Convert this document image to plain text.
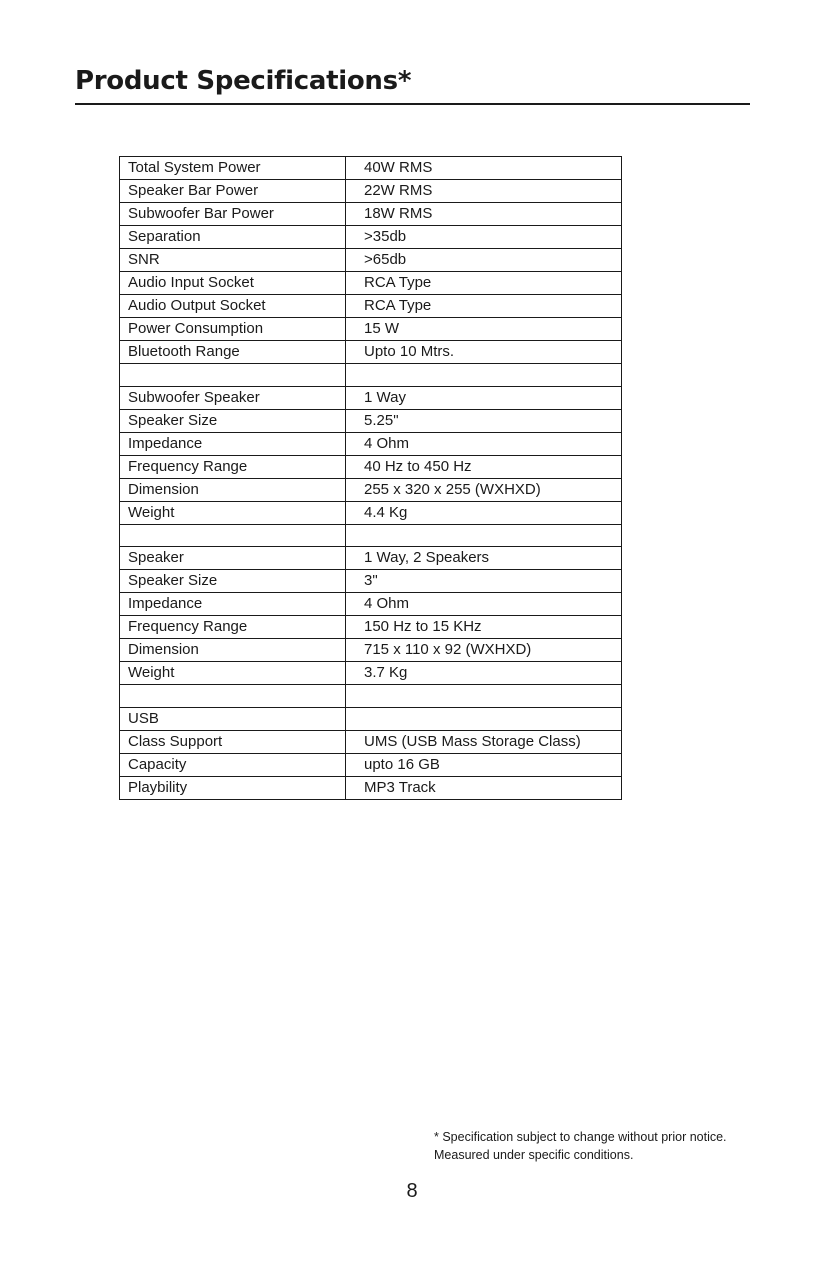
Product Specifications*
Total System Power	40W RMS
Speaker Bar Power	22W RMS
Subwoofer Bar Power	18W RMS
Separation	>35db
SNR	>65db
Audio Input Socket	RCA Type
Audio Output Socket	RCA Type
Power Consumption	15 W
Bluetooth Range	Upto 10 Mtrs.

Subwoofer Speaker	1 Way
Speaker Size	5.25"
Impedance	4 Ohm
Frequency Range	40 Hz to 450 Hz
Dimension	255 x 320 x 255 (WXHXD)
Weight	4.4 Kg

Speaker	1 Way, 2 Speakers
Speaker Size	3"
Impedance	4 Ohm
Frequency Range	150 Hz to 15 KHz
Dimension	715 x 110 x 92 (WXHXD)
Weight	3.7 Kg

USB	
Class Support	UMS (USB Mass Storage Class)
Capacity	upto 16 GB
Playbility	MP3 Track
* Specification subject to change without prior notice.
Measured under specific conditions.
8
